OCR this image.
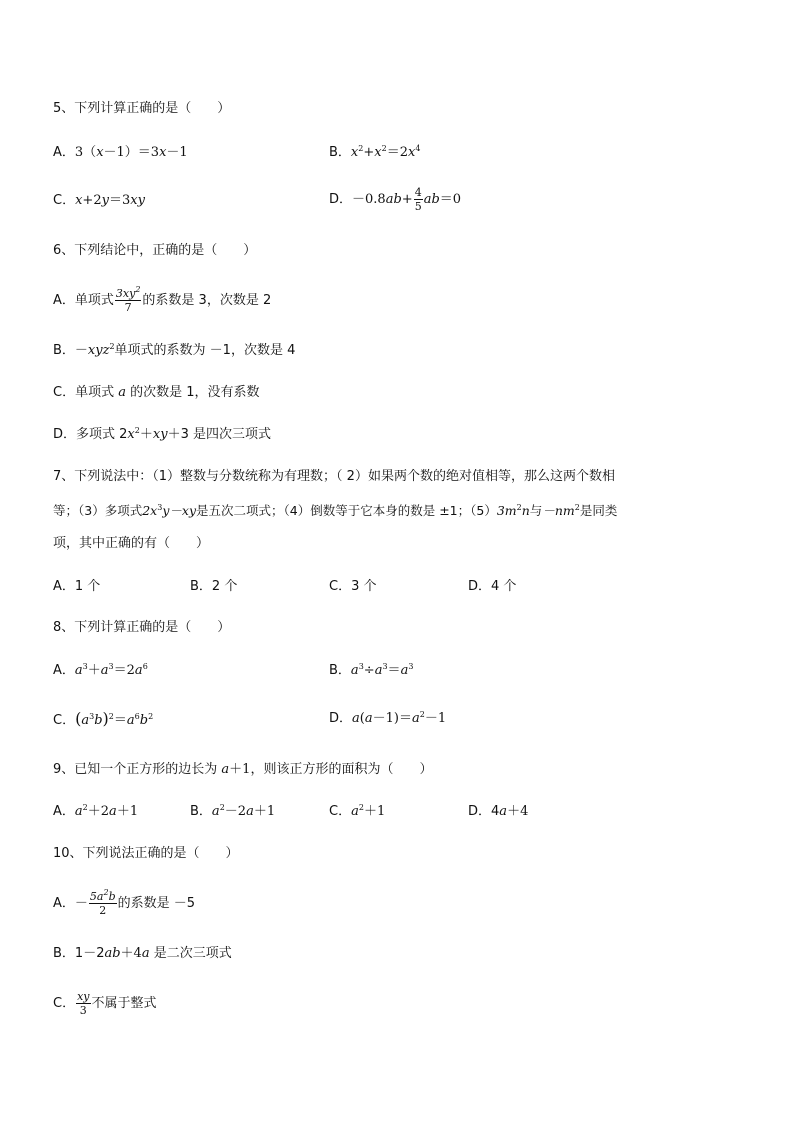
5、下列计算正确的是（　　）
A．3（x－1）＝3x－1	B．$x^2+x^2=2x^4$
C．x+2y＝3xy	D．$-0.8ab+ \frac{4}{5} ab=0$
6、下列结论中，正确的是（　　）
A．单项式 $\frac{3xy^2}{7}$ 的系数是 3，次数是 2
B．－xyz$^2$单项式的系数为 －1，次数是 4
C．单项式 a 的次数是 1，没有系数
D．多项式 $2x^2+xy+3$ 是四次三项式
7、下列说法中：（1）整数与分数统称为有理数；（ 2）如果两个数的绝对值相等，那么这两个数相
等；（3）多项式$2x^3y-xy$是五次二项式；（4）倒数等于它本身的数是 ±1；$(5)3m^2n$与$-nm^2$是同类
项，其中正确的有（　　）
A．1 个	B．2 个	C．3 个	D．4 个
8、下列计算正确的是（　　）
A．$a^3+a^3=2a^6$	B．$a^3\div a^3=a^3$
C．$(a^3b)^2=a^6b^2$	D．$a(a-1)=a^2-1$
9、已知一个正方形的边长为 a＋1，则该正方形的面积为（　　）
A．$a^2+2a+1$	B．$a^2-2a+1$	C．$a^2+1$	D．4a＋4
10、下列说法正确的是（　　）
A．－ $\frac{5a^2b}{2}$ 的系数是 －5
B．1－2ab＋4a 是二次三项式
C． $\frac{xy}{3}$ 不属于整式
